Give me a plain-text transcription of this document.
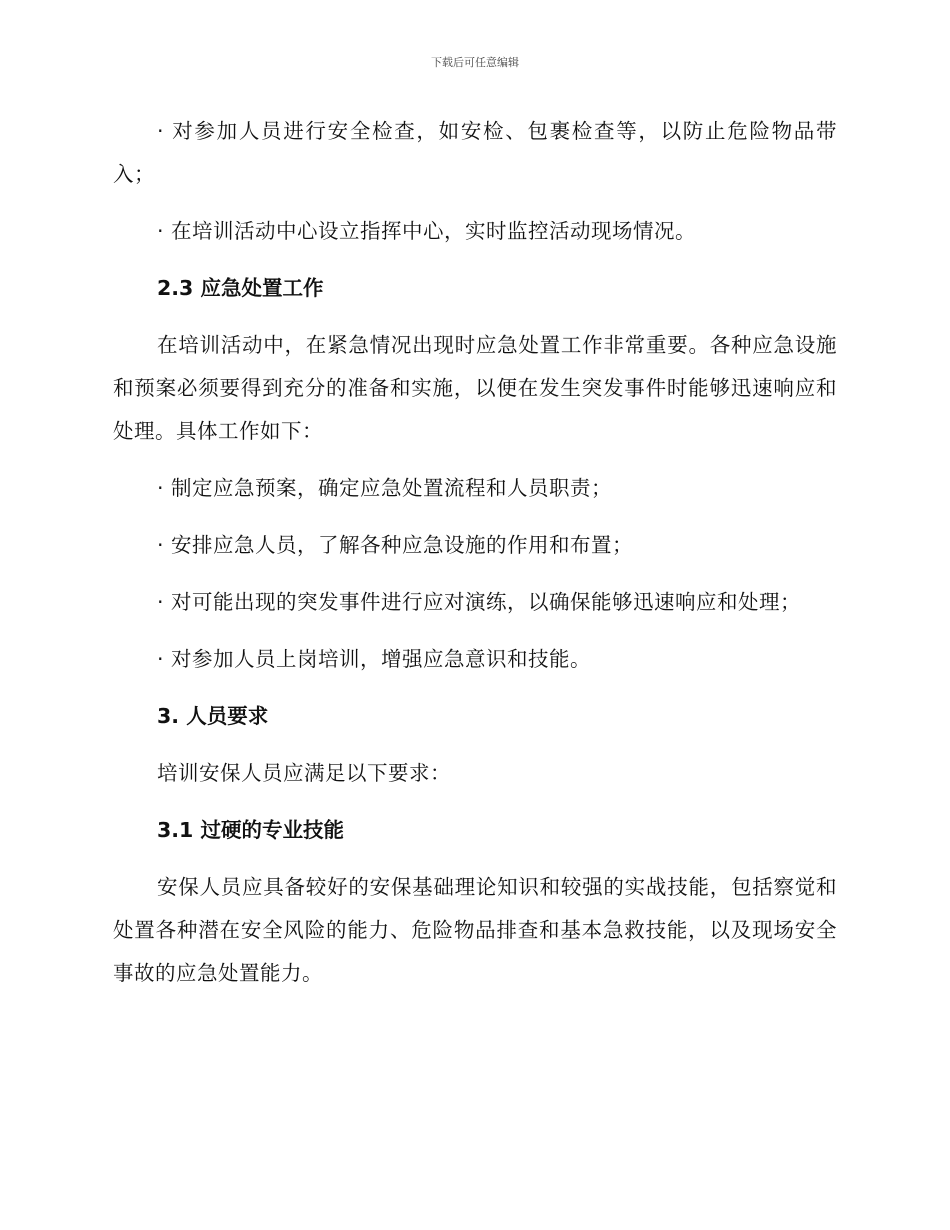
下载后可任意编辑

· 对参加人员进行安全检查，如安检、包裹检查等，以防止危险物品带入；

· 在培训活动中心设立指挥中心，实时监控活动现场情况。

2.3 应急处置工作

在培训活动中，在紧急情况出现时应急处置工作非常重要。各种应急设施和预案必须要得到充分的准备和实施，以便在发生突发事件时能够迅速响应和处理。具体工作如下：

· 制定应急预案，确定应急处置流程和人员职责；

· 安排应急人员，了解各种应急设施的作用和布置；

· 对可能出现的突发事件进行应对演练，以确保能够迅速响应和处理；

· 对参加人员上岗培训，增强应急意识和技能。

3. 人员要求

培训安保人员应满足以下要求：

3.1 过硬的专业技能

安保人员应具备较好的安保基础理论知识和较强的实战技能，包括察觉和处置各种潜在安全风险的能力、危险物品排查和基本急救技能，以及现场安全事故的应急处置能力。
